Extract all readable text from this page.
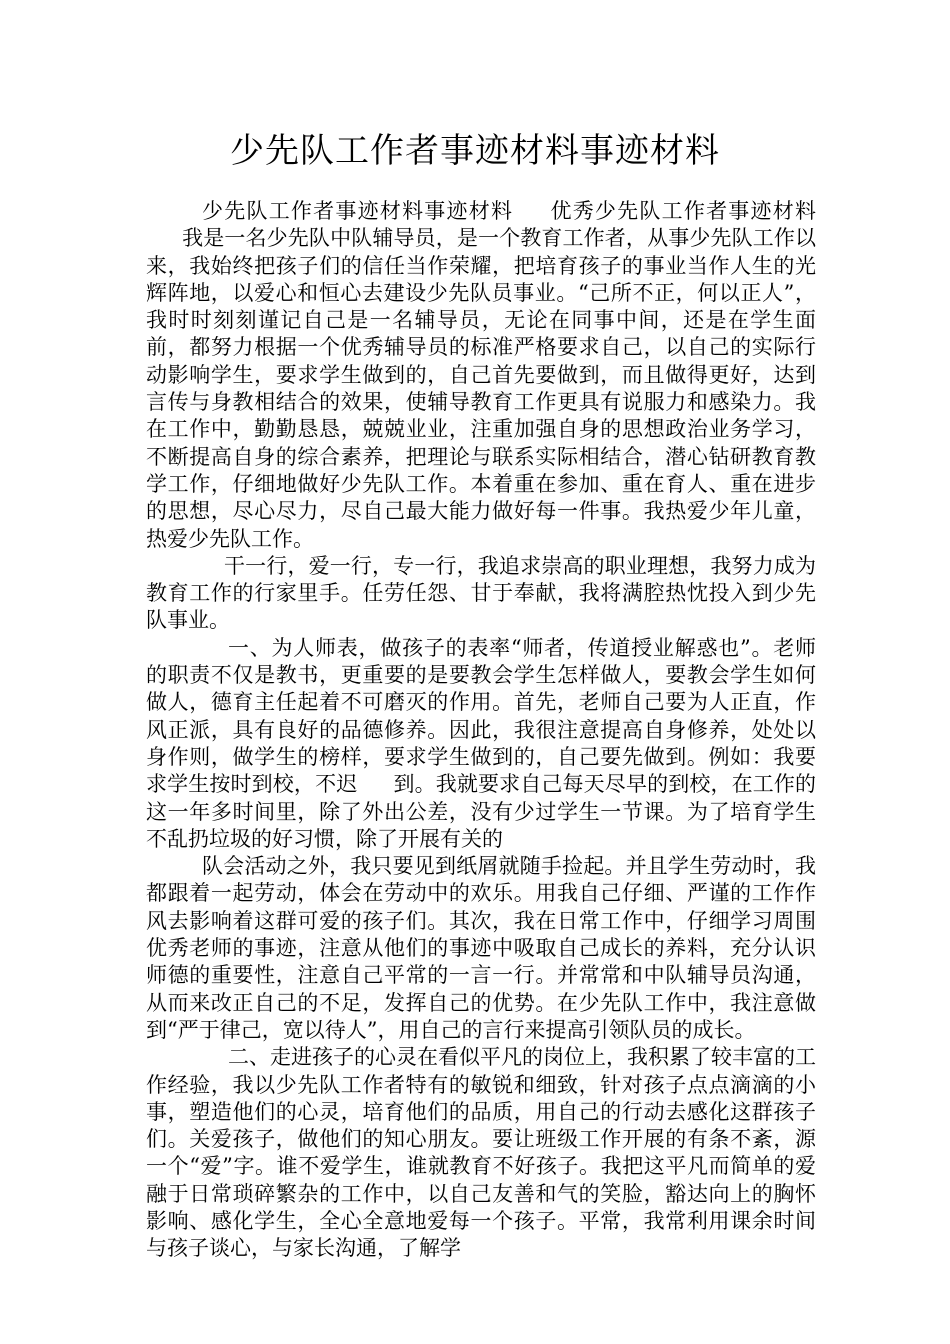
少先队工作者事迹材料事迹材料

少先队工作者事迹材料事迹材料 优秀少先队工作者事迹材料我是一名少先队中队辅导员，是一个教育工作者，从事少先队工作以来，我始终把孩子们的信任当作荣耀，把培育孩子的事业当作人生的光辉阵地，以爱心和恒心去建设少先队员事业。“己所不正，何以正人”，我时时刻刻谨记自己是一名辅导员，无论在同事中间，还是在学生面前，都努力根据一个优秀辅导员的标准严格要求自己，以自己的实际行动影响学生，要求学生做到的，自己首先要做到，而且做得更好，达到言传与身教相结合的效果，使辅导教育工作更具有说服力和感染力。我在工作中，勤勤恳恳，兢兢业业，注重加强自身的思想政治业务学习，不断提高自身的综合素养，把理论与联系实际相结合，潜心钻研教育教学工作，仔细地做好少先队工作。本着重在参加、重在育人、重在进步的思想，尽心尽力，尽自己最大能力做好每一件事。我热爱少年儿童，热爱少先队工作。

干一行，爱一行，专一行，我追求崇高的职业理想，我努力成为教育工作的行家里手。任劳任怨、甘于奉献，我将满腔热忱投入到少先队事业。

一、为人师表，做孩子的表率“师者，传道授业解惑也”。老师的职责不仅是教书，更重要的是要教会学生怎样做人，要教会学生如何做人，德育主任起着不可磨灭的作用。首先，老师自己要为人正直，作风正派，具有良好的品德修养。因此，我很注意提高自身修养，处处以身作则，做学生的榜样，要求学生做到的，自己要先做到。例如：我要求学生按时到校，不迟 到。我就要求自己每天尽早的到校，在工作的这一年多时间里，除了外出公差，没有少过学生一节课。为了培育学生不乱扔垃圾的好习惯，除了开展有关的

队会活动之外，我只要见到纸屑就随手捡起。并且学生劳动时，我都跟着一起劳动，体会在劳动中的欢乐。用我自己仔细、严谨的工作作风去影响着这群可爱的孩子们。其次，我在日常工作中，仔细学习周围优秀老师的事迹，注意从他们的事迹中吸取自己成长的养料，充分认识师德的重要性，注意自己平常的一言一行。并常常和中队辅导员沟通，从而来改正自己的不足，发挥自己的优势。在少先队工作中，我注意做到“严于律己，宽以待人”，用自己的言行来提高引领队员的成长。

二、走进孩子的心灵在看似平凡的岗位上，我积累了较丰富的工作经验，我以少先队工作者特有的敏锐和细致，针对孩子点点滴滴的小事，塑造他们的心灵，培育他们的品质，用自己的行动去感化这群孩子们。关爱孩子，做他们的知心朋友。要让班级工作开展的有条不紊，源一个“爱”字。谁不爱学生，谁就教育不好孩子。我把这平凡而简单的爱融于日常琐碎繁杂的工作中，以自己友善和气的笑脸，豁达向上的胸怀影响、感化学生，全心全意地爱每一个孩子。平常，我常利用课余时间与孩子谈心，与家长沟通，了解学
